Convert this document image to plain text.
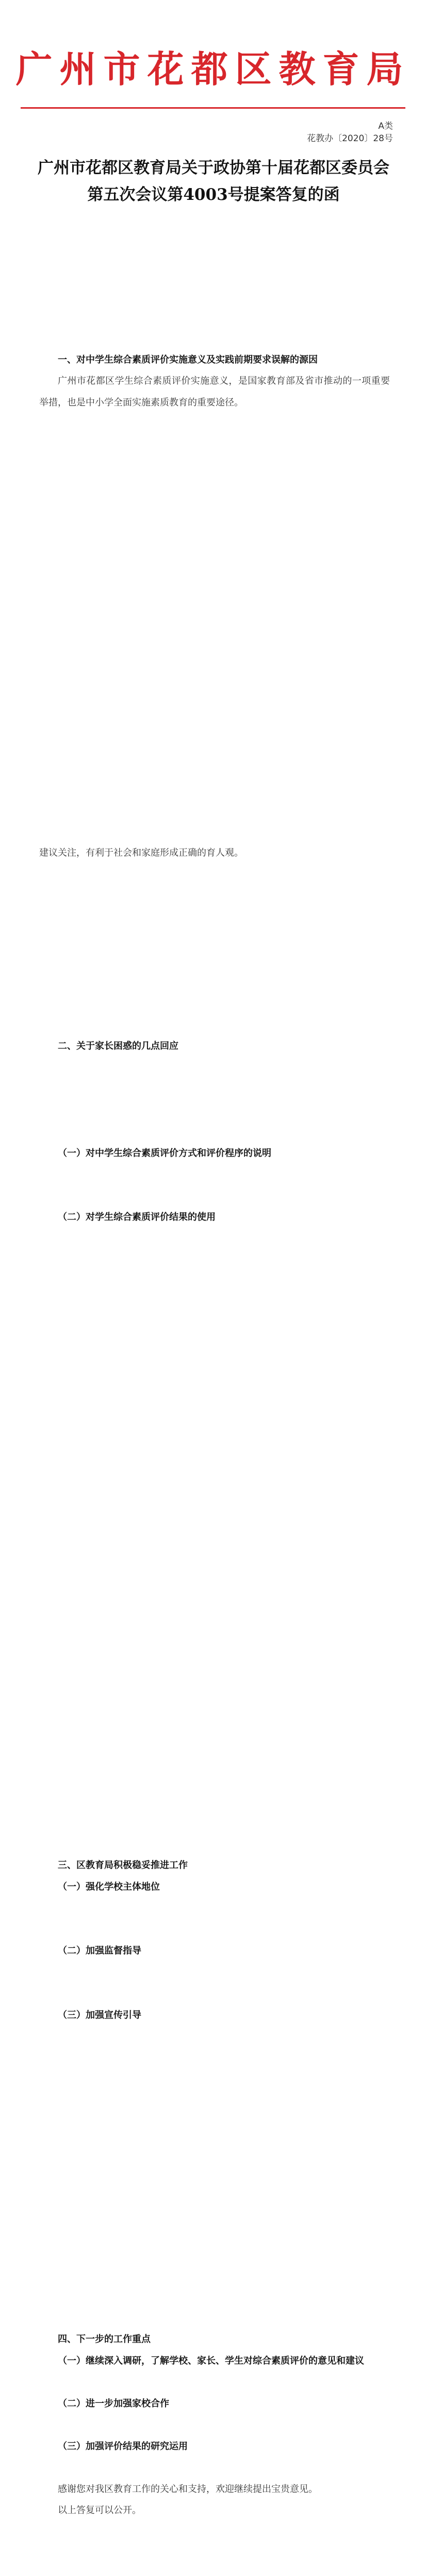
广州市花都区教育局
A类
花教办〔2020〕28号
广州市花都区教育局关于政协第十届花都区委员会第五次会议第4003号提案答复的函

一、对中学生综合素质评价实施意义及实践前期要求误解的源因

广州市花都区学生综合素质评价实施意义，是国家教育部及省市推动的一项重要举措，也是中小学全面实施素质教育的重要途径。

建议关注，有利于社会和家庭形成正确的育人观。

二、关于家长困惑的几点回应

（一）对中学生综合素质评价方式和评价程序的说明

（二）对学生综合素质评价结果的使用

三、区教育局积极稳妥推进工作

（一）强化学校主体地位

（二）加强监督指导

（三）加强宣传引导

四、下一步的工作重点

（一）继续深入调研，了解学校、家长、学生对综合素质评价的意见和建议

（二）进一步加强家校合作

（三）加强评价结果的研究运用

感谢您对我区教育工作的关心和支持，欢迎继续提出宝贵意见。

以上答复可以公开。
